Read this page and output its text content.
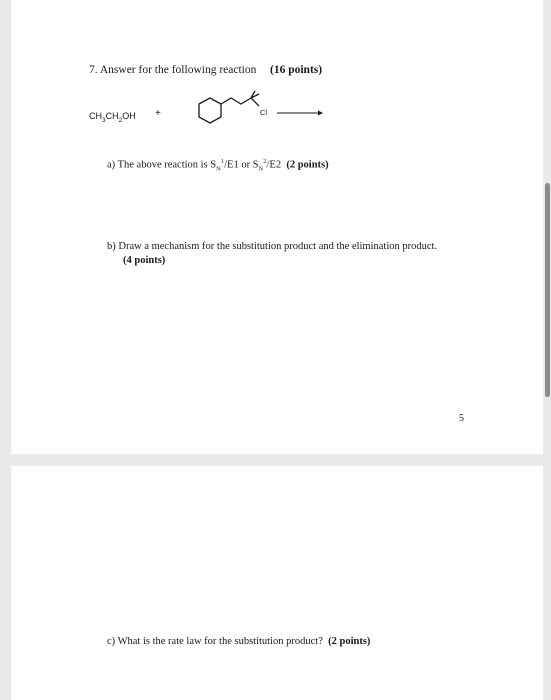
7. Answer for the following reaction (16 points)
$CH_3CH_2OH$ +	Cl →
a) The above reaction is $S_N^1/E1$ or $S_N^2/E2$ (2 points)
b) Draw a mechanism for the substitution product and the elimination product.
(4 points)
5
c) What is the rate law for the substitution product? (2 points)
